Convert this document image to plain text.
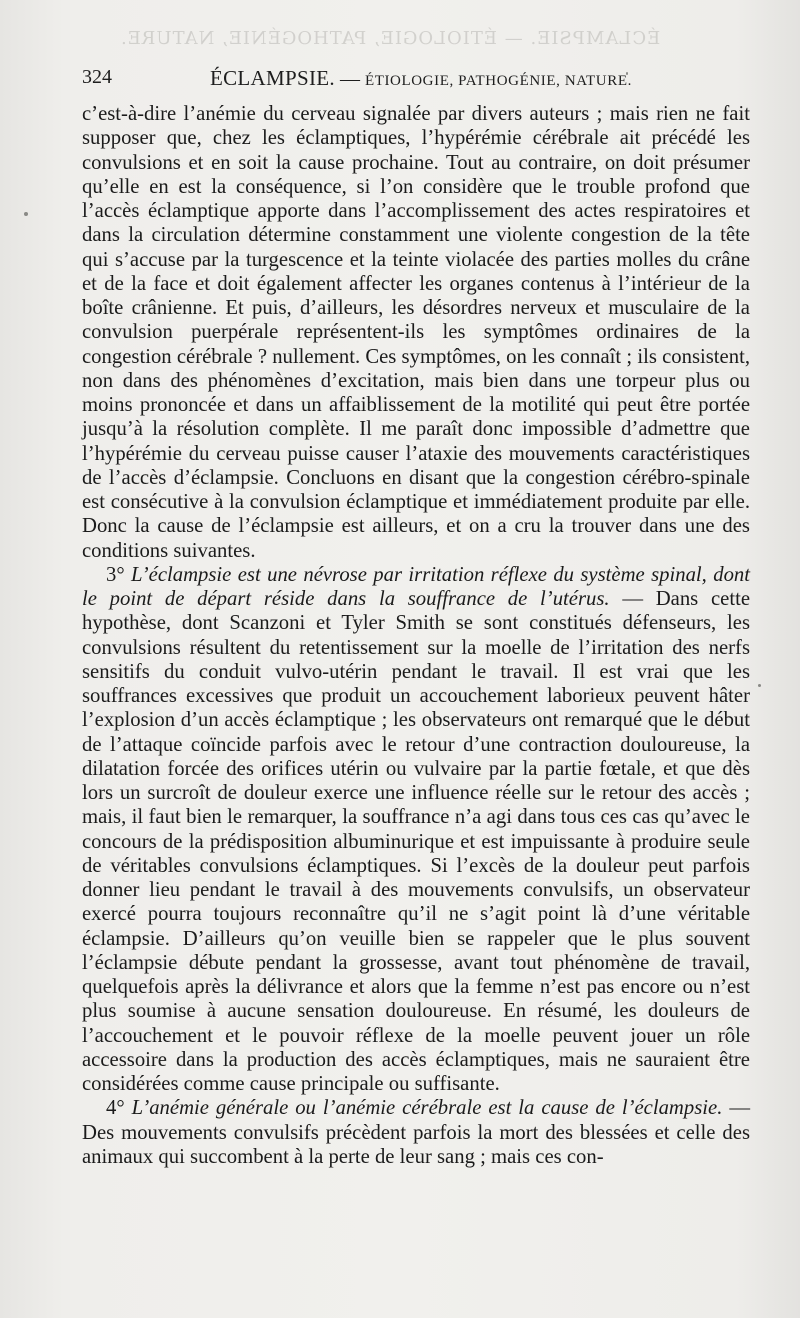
ÉCLAMPSIE. — ÉTIOLOGIE, PATHOGÉNIE, NATURE.
324	ÉCLAMPSIE. — ÉTIOLOGIE, PATHOGÉNIE, NATURE.

c’est-à-dire l’anémie du cerveau signalée par divers auteurs ; mais rien ne fait supposer que, chez les éclamptiques, l’hypérémie cérébrale ait précédé les convulsions et en soit la cause prochaine. Tout au contraire, on doit présumer qu’elle en est la conséquence, si l’on considère que le trouble profond que l’accès éclamptique apporte dans l’accomplissement des actes respiratoires et dans la circulation détermine constamment une violente congestion de la tête qui s’accuse par la turgescence et la teinte violacée des parties molles du crâne et de la face et doit également affecter les organes contenus à l’intérieur de la boîte crânienne. Et puis, d’ailleurs, les désordres nerveux et musculaire de la convulsion puerpérale représentent-ils les symptômes ordinaires de la congestion cérébrale ? nullement. Ces symptômes, on les connaît ; ils consistent, non dans des phénomènes d’excitation, mais bien dans une torpeur plus ou moins prononcée et dans un affaiblissement de la motilité qui peut être portée jusqu’à la résolution complète. Il me paraît donc impossible d’admettre que l’hypérémie du cerveau puisse causer l’ataxie des mouvements caractéristiques de l’accès d’éclampsie. Concluons en disant que la congestion cérébro-spinale est consécutive à la convulsion éclamptique et immédiatement produite par elle. Donc la cause de l’éclampsie est ailleurs, et on a cru la trouver dans une des conditions suivantes.

3° L’éclampsie est une névrose par irritation réflexe du système spinal, dont le point de départ réside dans la souffrance de l’utérus. — Dans cette hypothèse, dont Scanzoni et Tyler Smith se sont constitués défenseurs, les convulsions résultent du retentissement sur la moelle de l’irritation des nerfs sensitifs du conduit vulvo-utérin pendant le travail. Il est vrai que les souffrances excessives que produit un accouchement laborieux peuvent hâter l’explosion d’un accès éclamptique ; les observateurs ont remarqué que le début de l’attaque coïncide parfois avec le retour d’une contraction douloureuse, la dilatation forcée des orifices utérin ou vulvaire par la partie fœtale, et que dès lors un surcroît de douleur exerce une influence réelle sur le retour des accès ; mais, il faut bien le remarquer, la souffrance n’a agi dans tous ces cas qu’avec le concours de la prédisposition albuminurique et est impuissante à produire seule de véritables convulsions éclamptiques. Si l’excès de la douleur peut parfois donner lieu pendant le travail à des mouvements convulsifs, un observateur exercé pourra toujours reconnaître qu’il ne s’agit point là d’une véritable éclampsie. D’ailleurs qu’on veuille bien se rappeler que le plus souvent l’éclampsie débute pendant la grossesse, avant tout phénomène de travail, quelquefois après la délivrance et alors que la femme n’est pas encore ou n’est plus soumise à aucune sensation douloureuse. En résumé, les douleurs de l’accouchement et le pouvoir réflexe de la moelle peuvent jouer un rôle accessoire dans la production des accès éclamptiques, mais ne sauraient être considérées comme cause principale ou suffisante.

4° L’anémie générale ou l’anémie cérébrale est la cause de l’éclampsie. — Des mouvements convulsifs précèdent parfois la mort des blessées et celle des animaux qui succombent à la perte de leur sang ; mais ces con-
